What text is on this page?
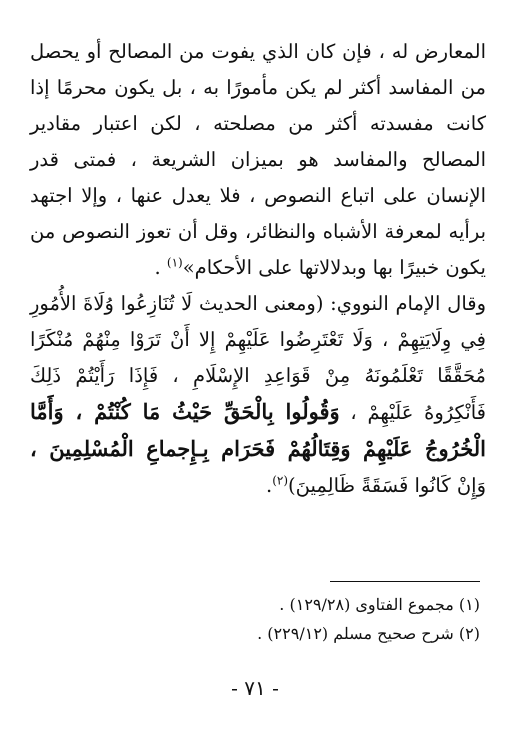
المعارض له ، فإن كان الذي يفوت من المصالح أو يحصل من المفاسد أكثر لم يكن مأمورًا به ، بل يكون محرمًا إذا كانت مفسدته أكثر من مصلحته ، لكن اعتبار مقادير المصالح والمفاسد هو بميزان الشريعة ، فمتى قدر الإنسان على اتباع النصوص ، فلا يعدل عنها ، وإلا اجتهد برأيه لمعرفة الأشباه والنظائر، وقل أن تعوز النصوص من يكون خبيرًا بها وبدلالاتها على الأحكام»$^{(١)}$ .

وقال الإمام النووي: (ومعنى الحديث لَا تُنَازِعُوا وُلَاةَ الأُمُورِ فِي وِلَايَتِهِمْ ، وَلَا تَعْتَرِضُوا عَلَيْهِمْ إِلا أَنْ تَرَوْا مِنْهُمْ مُنْكَرًا مُحَقَّقًا تَعْلَمُونَهُ مِنْ قَوَاعِدِ الإِسْلَامِ ، فَإِذَا رَأَيْتُمْ ذَلِكَ فَأَنْكِرُوهُ عَلَيْهِمْ ، وَقُولُوا بِالْحَقِّ حَيْثُ مَا كُنْتُمْ ، وَأَمَّا الْخُرُوجُ عَلَيْهِمْ وَقِتَالُهُمْ فَحَرَام بِـإِجماعِ الْمُسْلِمِينَ ، وَإِنْ كَانُوا فَسَقَةً ظَالِمِينَ)$^{(٢)}$.

(١) مجموع الفتاوى (١٢٩/٢٨) .

(٢) شرح صحيح مسلم (٢٢٩/١٢) .

- ٧١ -
